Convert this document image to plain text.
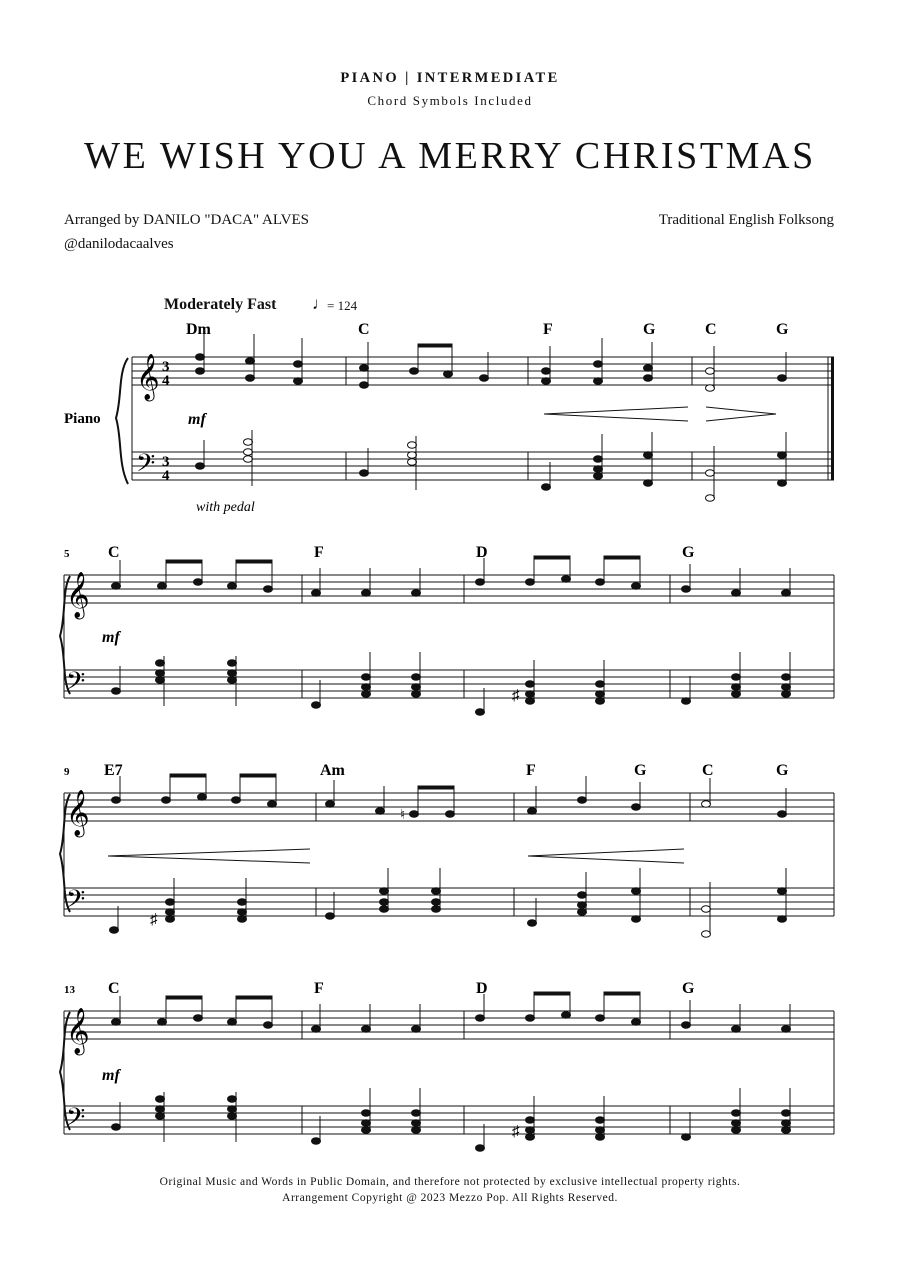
PIANO | INTERMEDIATE
Chord Symbols Included
WE WISH YOU A MERRY CHRISTMAS
Arranged by DANILO "DACA" ALVES
@danilodacaalves
Traditional English Folksong
Moderately Fast ♩
= 124
Piano
𝄞
𝄢
3
4
3
4
mf
with pedal
Dm	C	F	G	C	G
5
𝄞
𝄢
mf
C	F	D	G
♯
9
𝄞
𝄢
E7	Am	F	G	C	G
♮
♯
13
𝄞
𝄢
mf
C	F	D	G
♯
Original Music and Words in Public Domain, and therefore not protected by exclusive intellectual property rights.
Arrangement Copyright @ 2023 Mezzo Pop. All Rights Reserved.
